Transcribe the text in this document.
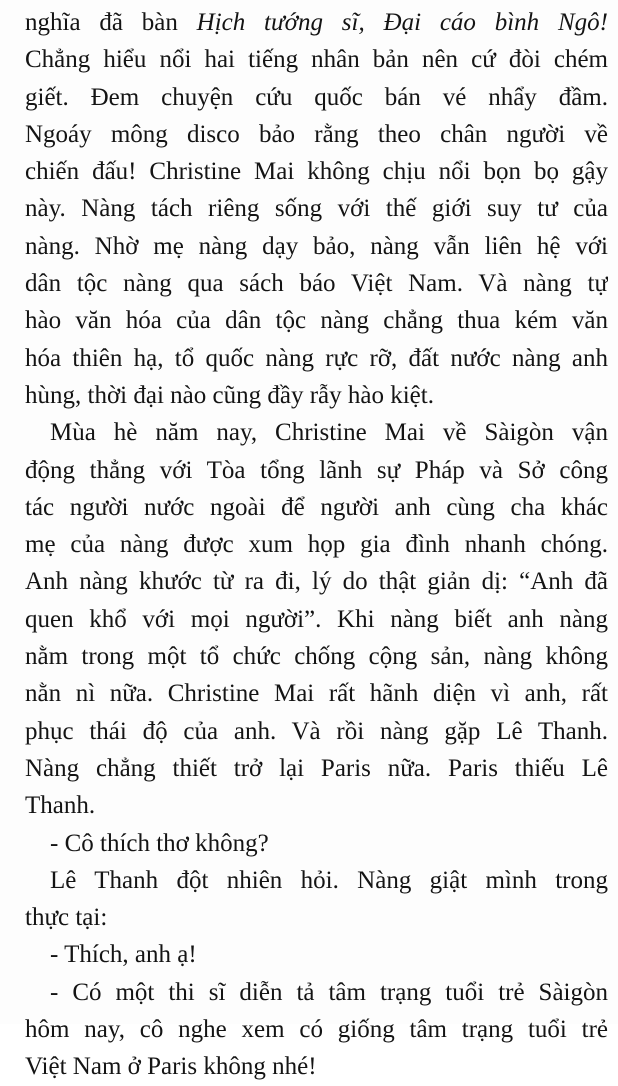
nghĩa đã bàn Hịch tướng sĩ, Đại cáo bình Ngô!
Chẳng hiểu nổi hai tiếng nhân bản nên cứ đòi chém
giết. Đem chuyện cứu quốc bán vé nhẩy đầm.
Ngoáy mông disco bảo rằng theo chân người về
chiến đấu! Christine Mai không chịu nổi bọn bọ gậy
này. Nàng tách riêng sống với thế giới suy tư của
nàng. Nhờ mẹ nàng dạy bảo, nàng vẫn liên hệ với
dân tộc nàng qua sách báo Việt Nam. Và nàng tự
hào văn hóa của dân tộc nàng chẳng thua kém văn
hóa thiên hạ, tổ quốc nàng rực rỡ, đất nước nàng anh
hùng, thời đại nào cũng đầy rẫy hào kiệt.
Mùa hè năm nay, Christine Mai về Sàigòn vận
động thẳng với Tòa tổng lãnh sự Pháp và Sở công
tác người nước ngoài để người anh cùng cha khác
mẹ của nàng được xum họp gia đình nhanh chóng.
Anh nàng khước từ ra đi, lý do thật giản dị: “Anh đã
quen khổ với mọi người”. Khi nàng biết anh nàng
nằm trong một tổ chức chống cộng sản, nàng không
nằn nì nữa. Christine Mai rất hãnh diện vì anh, rất
phục thái độ của anh. Và rồi nàng gặp Lê Thanh.
Nàng chẳng thiết trở lại Paris nữa. Paris thiếu Lê
Thanh.
- Cô thích thơ không?
Lê Thanh đột nhiên hỏi. Nàng giật mình trong
thực tại:
- Thích, anh ạ!
- Có một thi sĩ diễn tả tâm trạng tuổi trẻ Sàigòn
hôm nay, cô nghe xem có giống tâm trạng tuổi trẻ
Việt Nam ở Paris không nhé!
